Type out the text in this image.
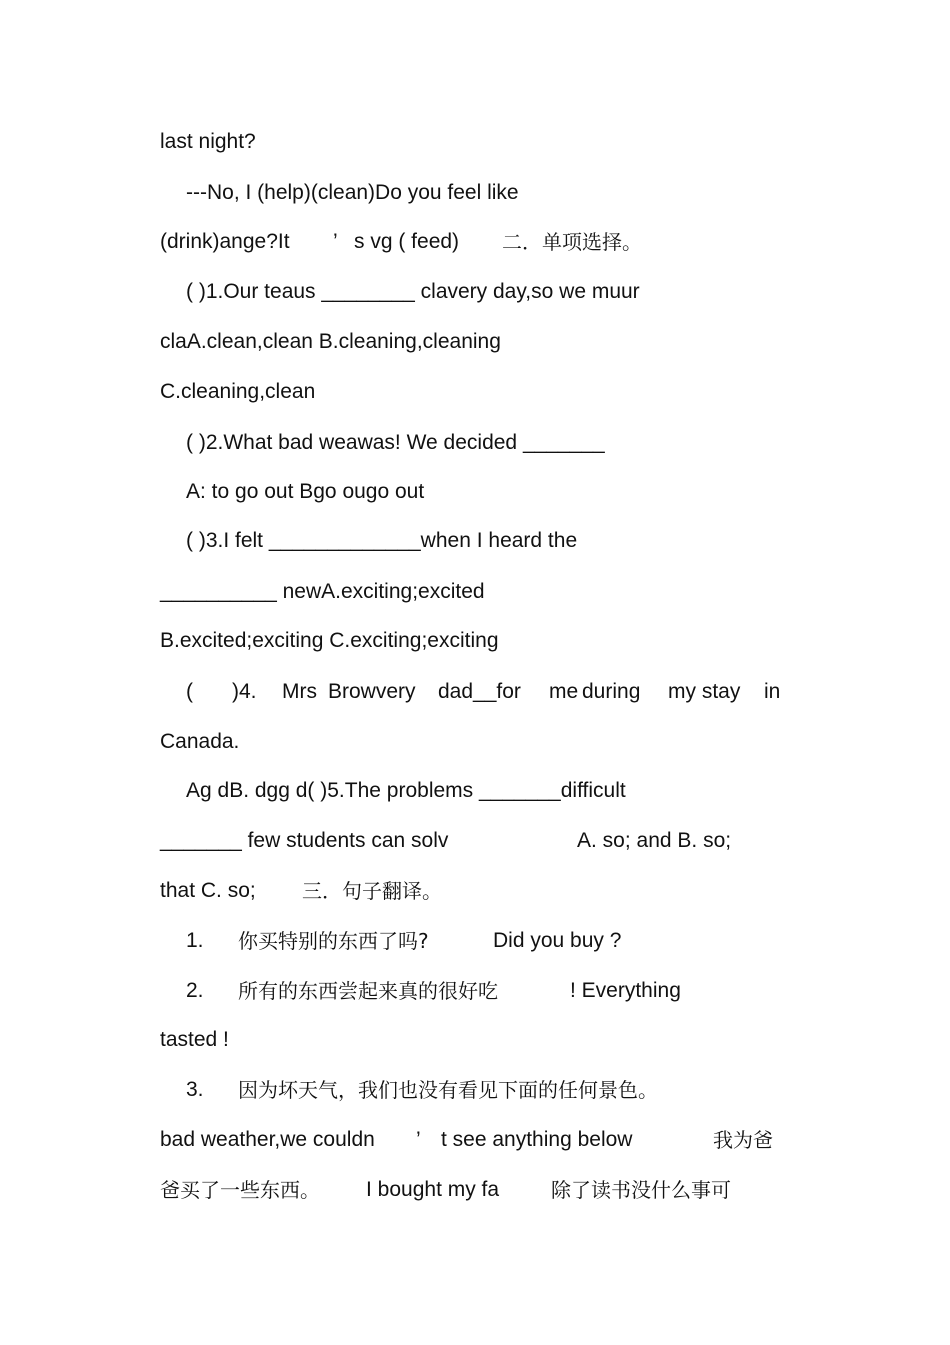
last night?
---No, I (help)(clean)Do you feel like
(drink)ange?It ’ s vg ( feed) 二．单项选择。
( )1.Our teaus ________ clavery day,so we muur
claA.clean,clean B.cleaning,cleaning
C.cleaning,clean
( )2.What bad weawas! We decided _______
A: to go out Bgo ougo out
( )3.I felt _____________when I heard the
__________ newA.exciting;excited
B.excited;exciting C.exciting;exciting
( )4. Mrs Browvery dad__for me during my stay in
Canada.
Ag dB. dgg d( )5.The problems _______difficult
_______ few students can solv	A. so; and B. so;
that C. so; 三．句子翻译。
1. 你买特别的东西了吗?	Did you buy ?
2. 所有的东西尝起来真的很好吃	! Everything
tasted !
3. 因为坏天气，我们也没有看见下面的任何景色。
bad weather,we couldn ’ t see anything below	我为爸
爸买了一些东西。 I bought my fa	除了读书没什么事可
